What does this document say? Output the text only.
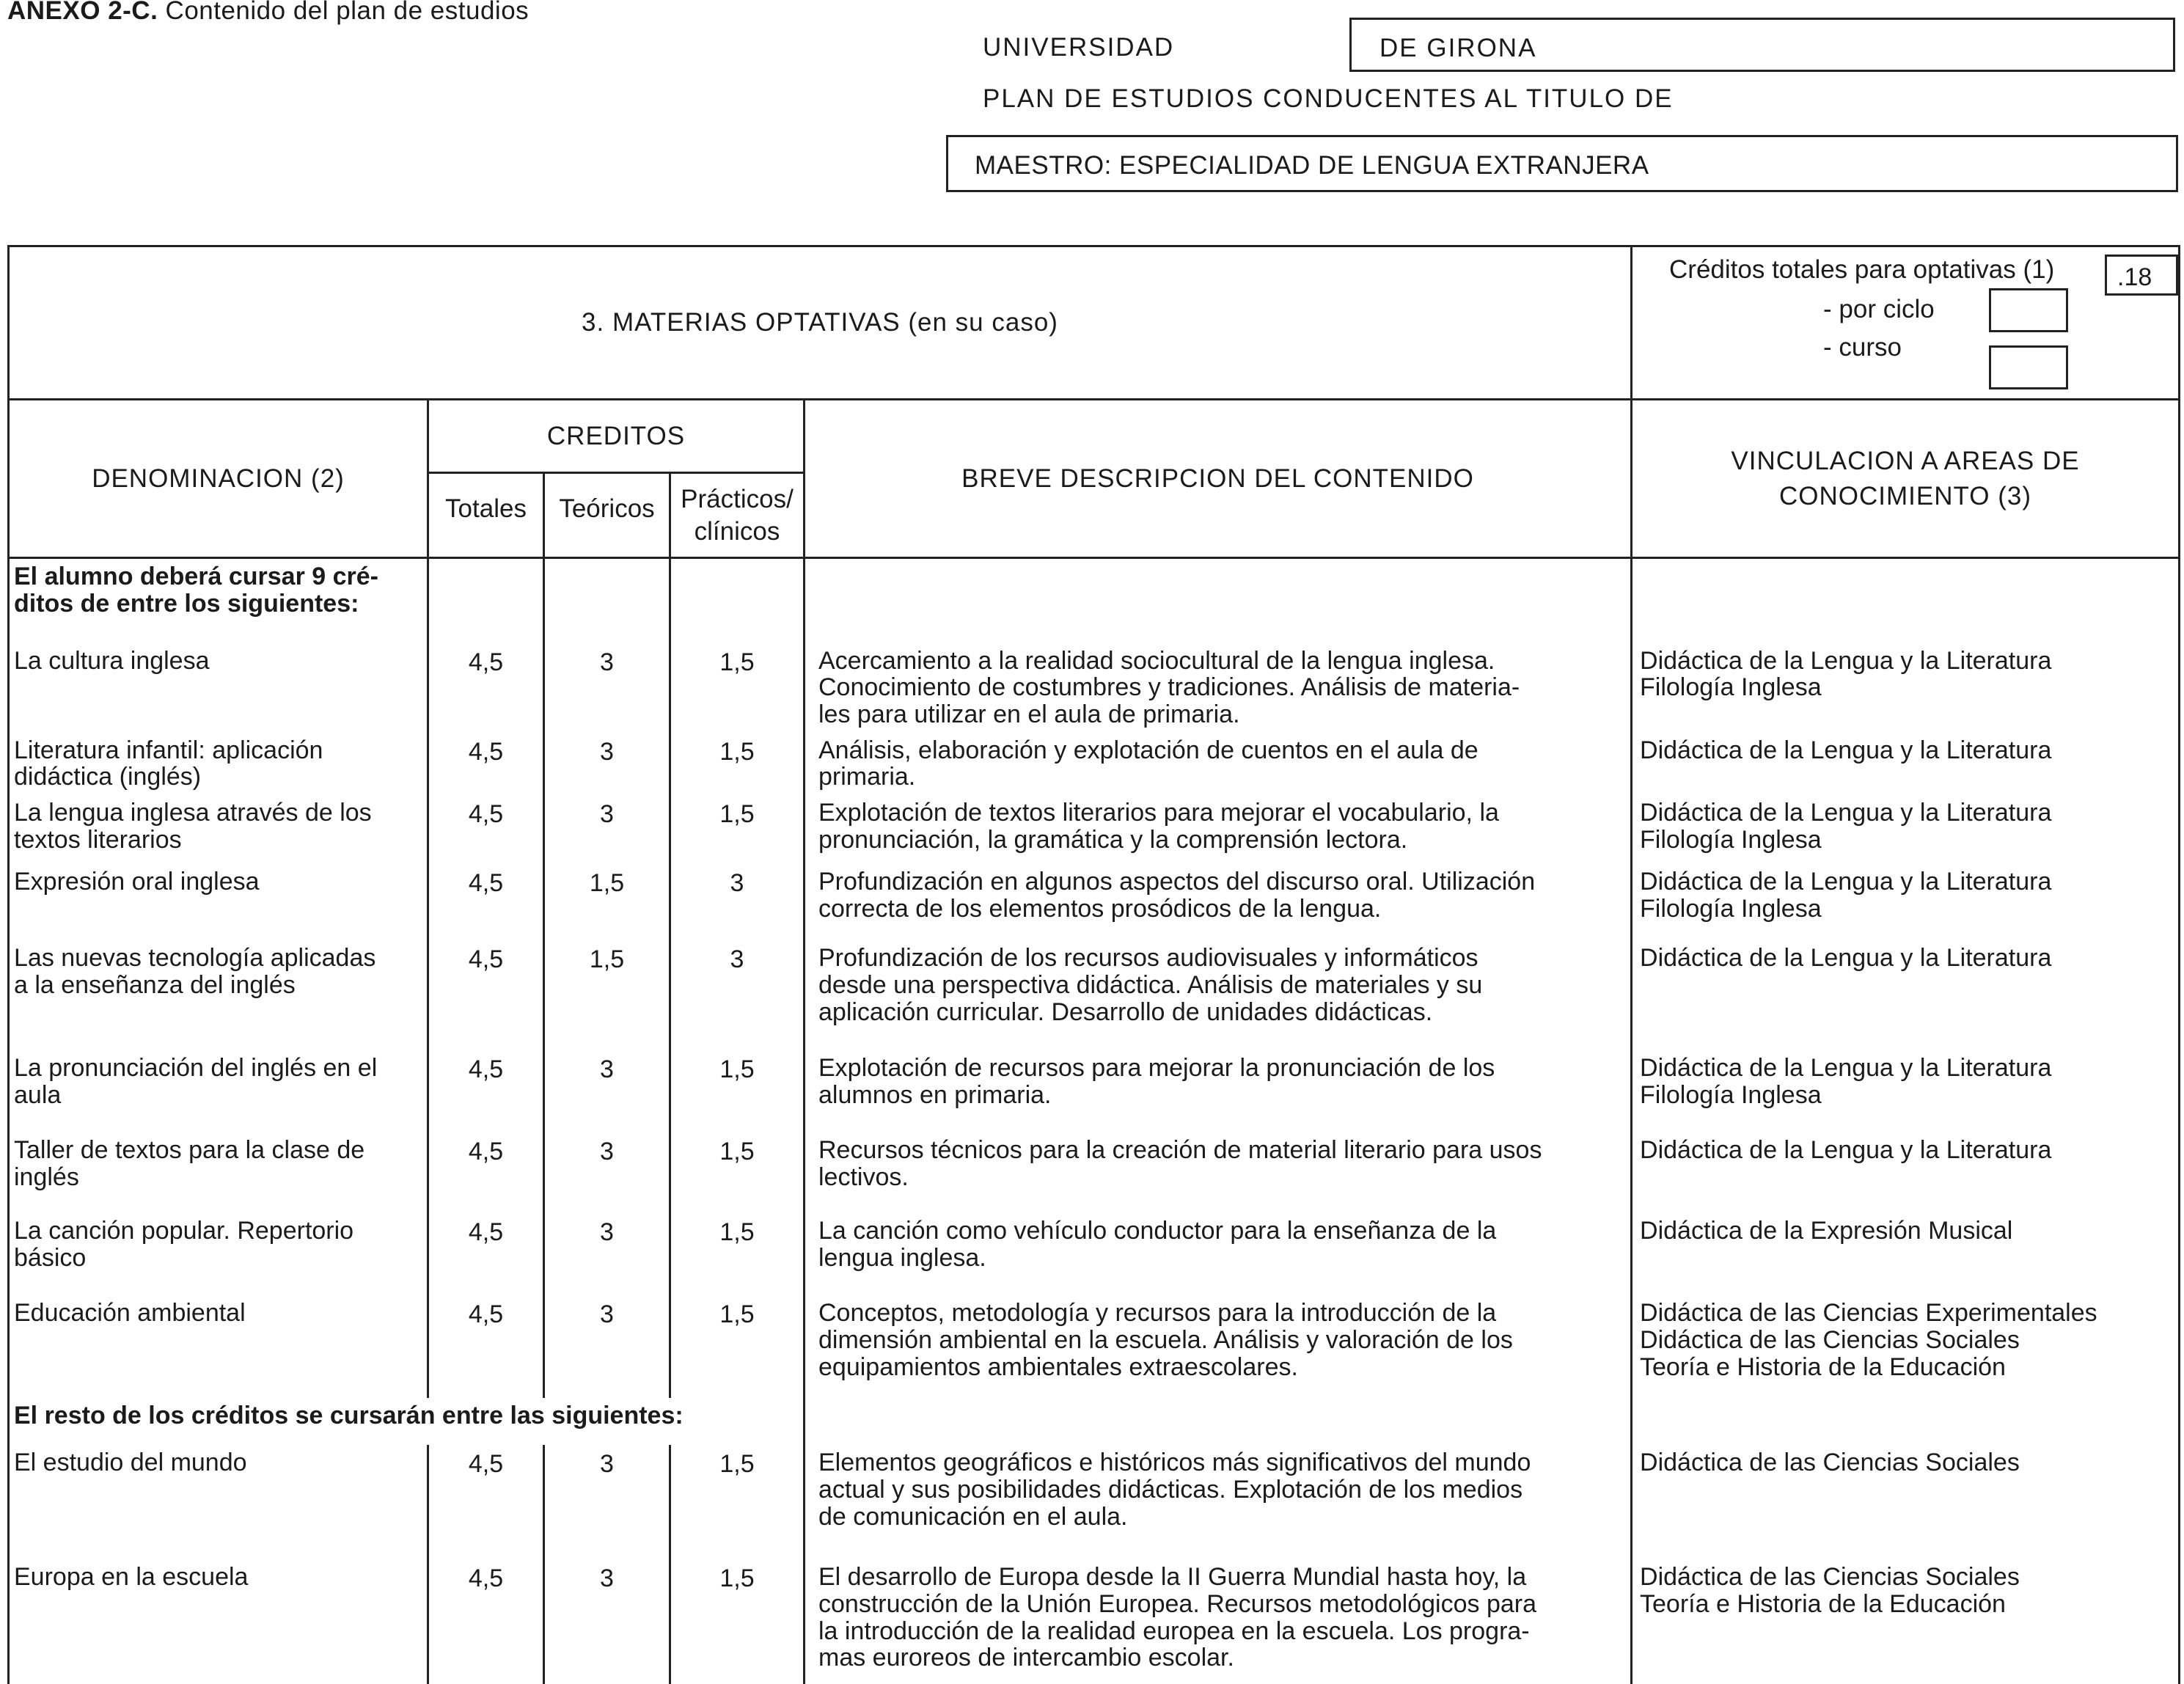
ANEXO 2-C. Contenido del plan de estudios
UNIVERSIDAD	DE GIRONA
PLAN DE ESTUDIOS CONDUCENTES AL TITULO DE
MAESTRO: ESPECIALIDAD DE LENGUA EXTRANJERA
3. MATERIAS OPTATIVAS (en su caso)					Créditos totales para optativas (1) .18
- por ciclo
- curso

DENOMINACION (2)	CREDITOS			BREVE DESCRIPCION DEL CONTENIDO	VINCULACION A AREAS DE
CONOCIMIENTO (3)

	Totales	Teóricos	Prácticos/
clínicos		

El alumno deberá cursar 9 cré-
ditos de entre los siguientes:					

La cultura inglesa	4,5	3	1,5	Acercamiento a la realidad sociocultural de la lengua inglesa.
Conocimiento de costumbres y tradiciones. Análisis de materia-
les para utilizar en el aula de primaria.	Didáctica de la Lengua y la Literatura
Filología Inglesa

Literatura infantil: aplicación
didáctica (inglés)	4,5	3	1,5	Análisis, elaboración y explotación de cuentos en el aula de
primaria.	Didáctica de la Lengua y la Literatura

La lengua inglesa através de los
textos literarios	4,5	3	1,5	Explotación de textos literarios para mejorar el vocabulario, la
pronunciación, la gramática y la comprensión lectora.	Didáctica de la Lengua y la Literatura
Filología Inglesa

Expresión oral inglesa	4,5	1,5	3	Profundización en algunos aspectos del discurso oral. Utilización
correcta de los elementos prosódicos de la lengua.	Didáctica de la Lengua y la Literatura
Filología Inglesa

Las nuevas tecnología aplicadas
a la enseñanza del inglés	4,5	1,5	3	Profundización de los recursos audiovisuales y informáticos
desde una perspectiva didáctica. Análisis de materiales y su
aplicación curricular. Desarrollo de unidades didácticas.	Didáctica de la Lengua y la Literatura

La pronunciación del inglés en el
aula	4,5	3	1,5	Explotación de recursos para mejorar la pronunciación de los
alumnos en primaria.	Didáctica de la Lengua y la Literatura
Filología Inglesa

Taller de textos para la clase de
inglés	4,5	3	1,5	Recursos técnicos para la creación de material literario para usos
lectivos.	Didáctica de la Lengua y la Literatura

La canción popular. Repertorio
básico	4,5	3	1,5	La canción como vehículo conductor para la enseñanza de la
lengua inglesa.	Didáctica de la Expresión Musical

Educación ambiental	4,5	3	1,5	Conceptos, metodología y recursos para la introducción de la
dimensión ambiental en la escuela. Análisis y valoración de los
equipamientos ambientales extraescolares.	Didáctica de las Ciencias Experimentales
Didáctica de las Ciencias Sociales
Teoría e Historia de la Educación

El resto de los créditos se cursarán entre las siguientes:					

El estudio del mundo	4,5	3	1,5	Elementos geográficos e históricos más significativos del mundo
actual y sus posibilidades didácticas. Explotación de los medios
de comunicación en el aula.	Didáctica de las Ciencias Sociales

Europa en la escuela	4,5	3	1,5	El desarrollo de Europa desde la II Guerra Mundial hasta hoy, la
construcción de la Unión Europea. Recursos metodológicos para
la introducción de la realidad europea en la escuela. Los progra-
mas euroreos de intercambio escolar.	Didáctica de las Ciencias Sociales
Teoría e Historia de la Educación
